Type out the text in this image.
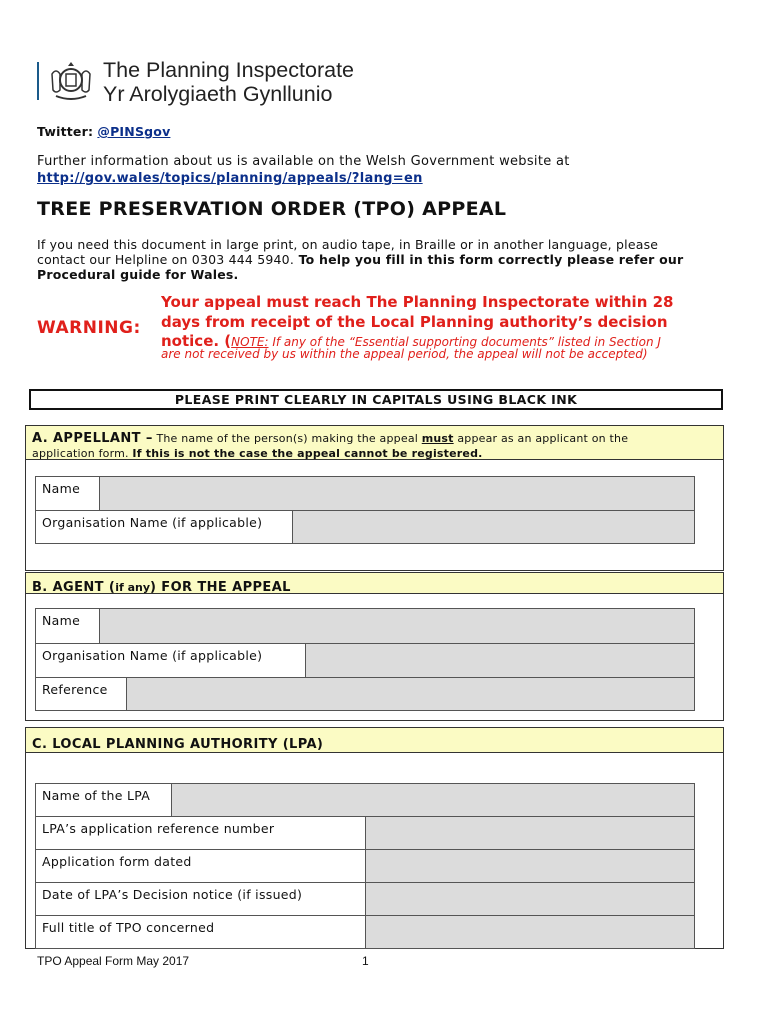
The Planning Inspectorate
Yr Arolygiaeth Gynllunio
Twitter: @PINSgov
Further information about us is available on the Welsh Government website at
http://gov.wales/topics/planning/appeals/?lang=en
TREE PRESERVATION ORDER (TPO) APPEAL
If you need this document in large print, on audio tape, in Braille or in another language, please
contact our Helpline on 0303 444 5940. To help you fill in this form correctly please refer our
Procedural guide for Wales.
WARNING:
Your appeal must reach The Planning Inspectorate within 28
days from receipt of the Local Planning authority’s decision
notice. (NOTE: If any of the “Essential supporting documents” listed in Section J
are not received by us within the appeal period, the appeal will not be accepted)
PLEASE PRINT CLEARLY IN CAPITALS USING BLACK INK
A. APPELLANT – The name of the person(s) making the appeal must appear as an applicant on the
application form. If this is not the case the appeal cannot be registered.
Name
Organisation Name (if applicable)
B. AGENT (if any) FOR THE APPEAL
Name
Organisation Name (if applicable)
Reference
C. LOCAL PLANNING AUTHORITY (LPA)
Name of the LPA
LPA’s application reference number
Application form dated
Date of LPA’s Decision notice (if issued)
Full title of TPO concerned
TPO Appeal Form May 2017	1
